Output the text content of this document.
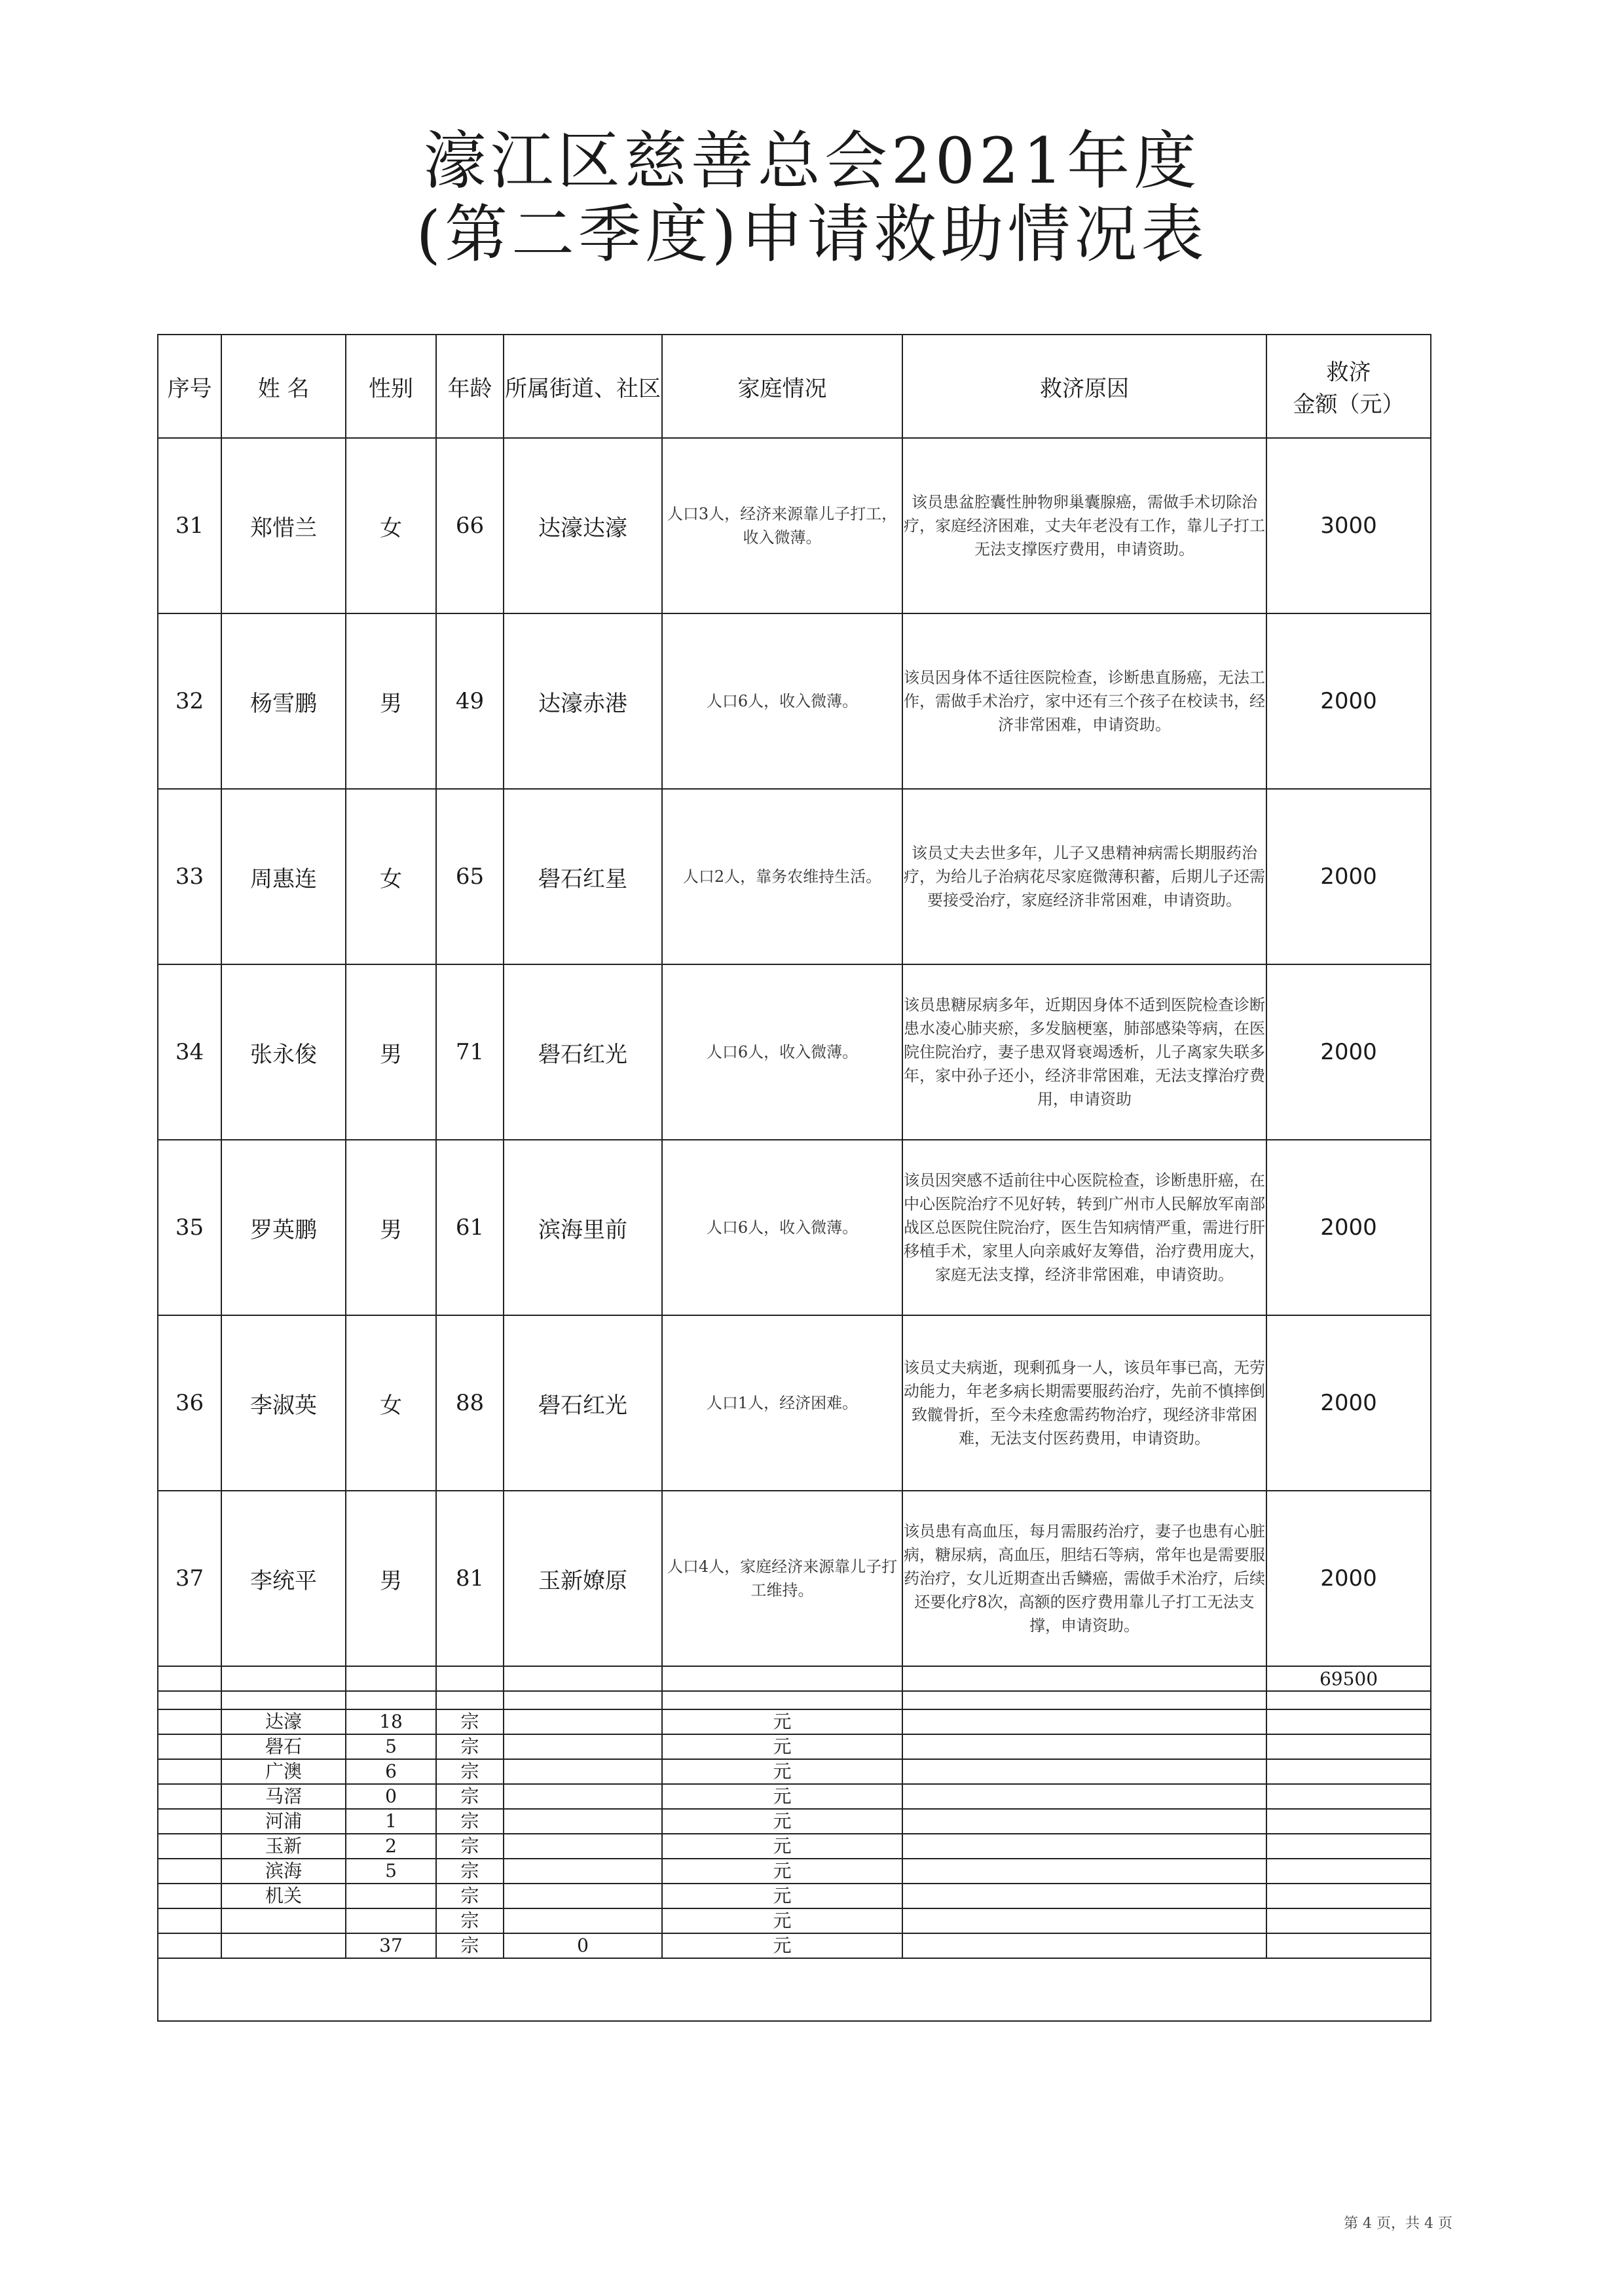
濠江区慈善总会2021年度
(第二季度)申请救助情况表
序号	姓 名	性别	年龄	所属街道、社区	家庭情况	救济原因	救济
金额（元）

31	郑惜兰	女	66	达濠达濠	人口3人，经济来源靠儿子打工，收入微薄。	该员患盆腔囊性肿物卵巢囊腺癌，需做手术切除治疗，家庭经济困难，丈夫年老没有工作，靠儿子打工无法支撑医疗费用，申请资助。	3000
32	杨雪鹏	男	49	达濠赤港	人口6人，收入微薄。	该员因身体不适往医院检查，诊断患直肠癌，无法工作，需做手术治疗，家中还有三个孩子在校读书，经济非常困难，申请资助。	2000
33	周惠连	女	65	礐石红星	人口2人，靠务农维持生活。	该员丈夫去世多年，儿子又患精神病需长期服药治疗，为给儿子治病花尽家庭微薄积蓄，后期儿子还需要接受治疗，家庭经济非常困难，申请资助。	2000
34	张永俊	男	71	礐石红光	人口6人，收入微薄。	该员患糖尿病多年，近期因身体不适到医院检查诊断患水凌心肺夹瘀，多发脑梗塞，肺部感染等病，在医院住院治疗，妻子患双肾衰竭透析，儿子离家失联多年，家中孙子还小，经济非常困难，无法支撑治疗费用，申请资助	2000
35	罗英鹏	男	61	滨海里前	人口6人，收入微薄。	该员因突感不适前往中心医院检查，诊断患肝癌，在中心医院治疗不见好转，转到广州市人民解放军南部战区总医院住院治疗，医生告知病情严重，需进行肝移植手术，家里人向亲戚好友筹借，治疗费用庞大，家庭无法支撑，经济非常困难，申请资助。	2000
36	李淑英	女	88	礐石红光	人口1人，经济困难。	该员丈夫病逝，现剩孤身一人，该员年事已高，无劳动能力，年老多病长期需要服药治疗，先前不慎摔倒致髋骨折，至今未痊愈需药物治疗，现经济非常困难，无法支付医药费用，申请资助。	2000
37	李统平	男	81	玉新嫽原	人口4人，家庭经济来源靠儿子打工维持。	该员患有高血压，每月需服药治疗，妻子也患有心脏病，糖尿病，高血压，胆结石等病，常年也是需要服药治疗，女儿近期查出舌鳞癌，需做手术治疗，后续还要化疗8次，高额的医疗费用靠儿子打工无法支撑，申请资助。	2000
							69500

	达濠	18	宗		元		
	礐石	5	宗		元		
	广澳	6	宗		元		
	马滘	0	宗		元		
	河浦	1	宗		元		
	玉新	2	宗		元		
	滨海	5	宗		元		
	机关		宗		元		
			宗		元		
		37	宗	0	元		

第 4 页，共 4 页
